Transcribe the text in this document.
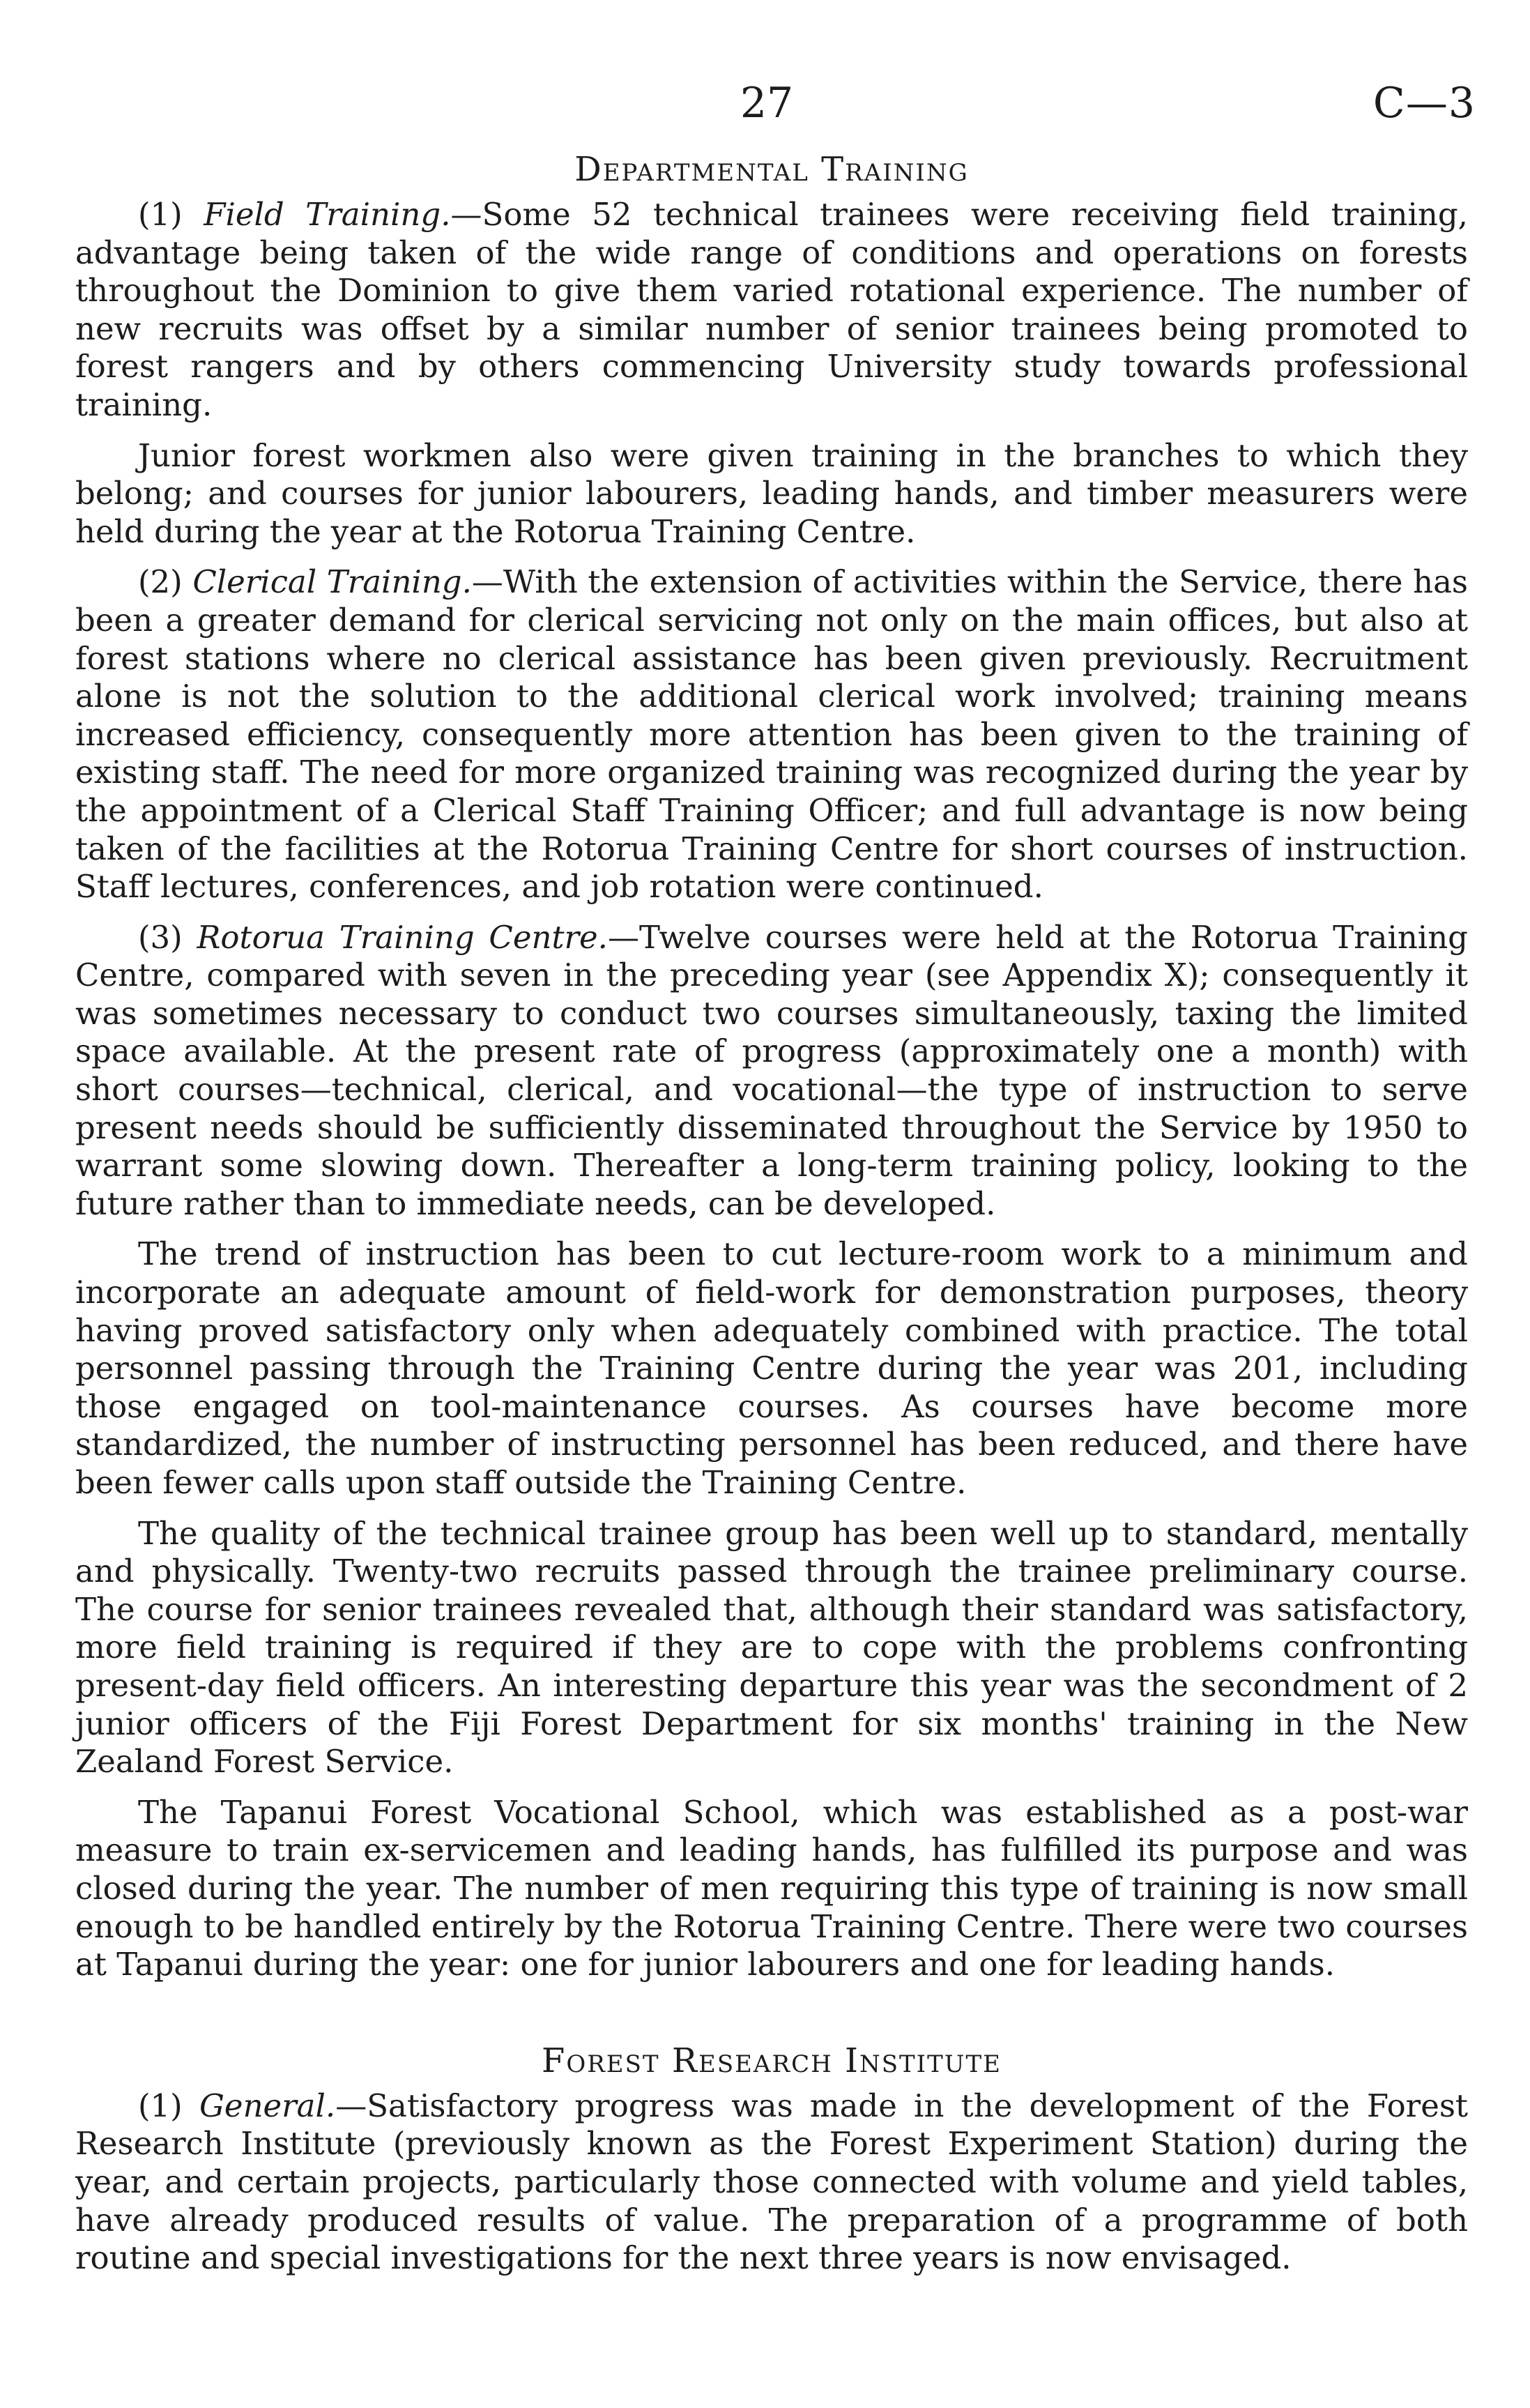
27	C—3
Departmental Training

(1) Field Training.—Some 52 technical trainees were receiving field training, advantage being taken of the wide range of conditions and operations on forests throughout the Dominion to give them varied rotational experience. The number of new recruits was offset by a similar number of senior trainees being promoted to forest rangers and by others commencing University study towards professional training.

Junior forest workmen also were given training in the branches to which they belong; and courses for junior labourers, leading hands, and timber measurers were held during the year at the Rotorua Training Centre.

(2) Clerical Training.—With the extension of activities within the Service, there has been a greater demand for clerical servicing not only on the main offices, but also at forest stations where no clerical assistance has been given previously. Recruitment alone is not the solution to the additional clerical work involved; training means increased efficiency, consequently more attention has been given to the training of existing staff. The need for more organized training was recognized during the year by the appointment of a Clerical Staff Training Officer; and full advantage is now being taken of the facilities at the Rotorua Training Centre for short courses of instruction. Staff lectures, conferences, and job rotation were continued.

(3) Rotorua Training Centre.—Twelve courses were held at the Rotorua Training Centre, compared with seven in the preceding year (see Appendix X); consequently it was sometimes necessary to conduct two courses simultaneously, taxing the limited space available. At the present rate of progress (approximately one a month) with short courses—technical, clerical, and vocational—the type of instruction to serve present needs should be sufficiently disseminated throughout the Service by 1950 to warrant some slowing down. Thereafter a long-term training policy, looking to the future rather than to immediate needs, can be developed.

The trend of instruction has been to cut lecture-room work to a minimum and incorporate an adequate amount of field-work for demonstration purposes, theory having proved satisfactory only when adequately combined with practice. The total personnel passing through the Training Centre during the year was 201, including those engaged on tool-maintenance courses. As courses have become more standardized, the number of instructing personnel has been reduced, and there have been fewer calls upon staff outside the Training Centre.

The quality of the technical trainee group has been well up to standard, mentally and physically. Twenty-two recruits passed through the trainee preliminary course. The course for senior trainees revealed that, although their standard was satisfactory, more field training is required if they are to cope with the problems confronting present-day field officers. An interesting departure this year was the secondment of 2 junior officers of the Fiji Forest Department for six months' training in the New Zealand Forest Service.

The Tapanui Forest Vocational School, which was established as a post-war measure to train ex-servicemen and leading hands, has fulfilled its purpose and was closed during the year. The number of men requiring this type of training is now small enough to be handled entirely by the Rotorua Training Centre. There were two courses at Tapanui during the year: one for junior labourers and one for leading hands.

Forest Research Institute

(1) General.—Satisfactory progress was made in the development of the Forest Research Institute (previously known as the Forest Experiment Station) during the year, and certain projects, particularly those connected with volume and yield tables, have already produced results of value. The preparation of a programme of both routine and special investigations for the next three years is now envisaged.
